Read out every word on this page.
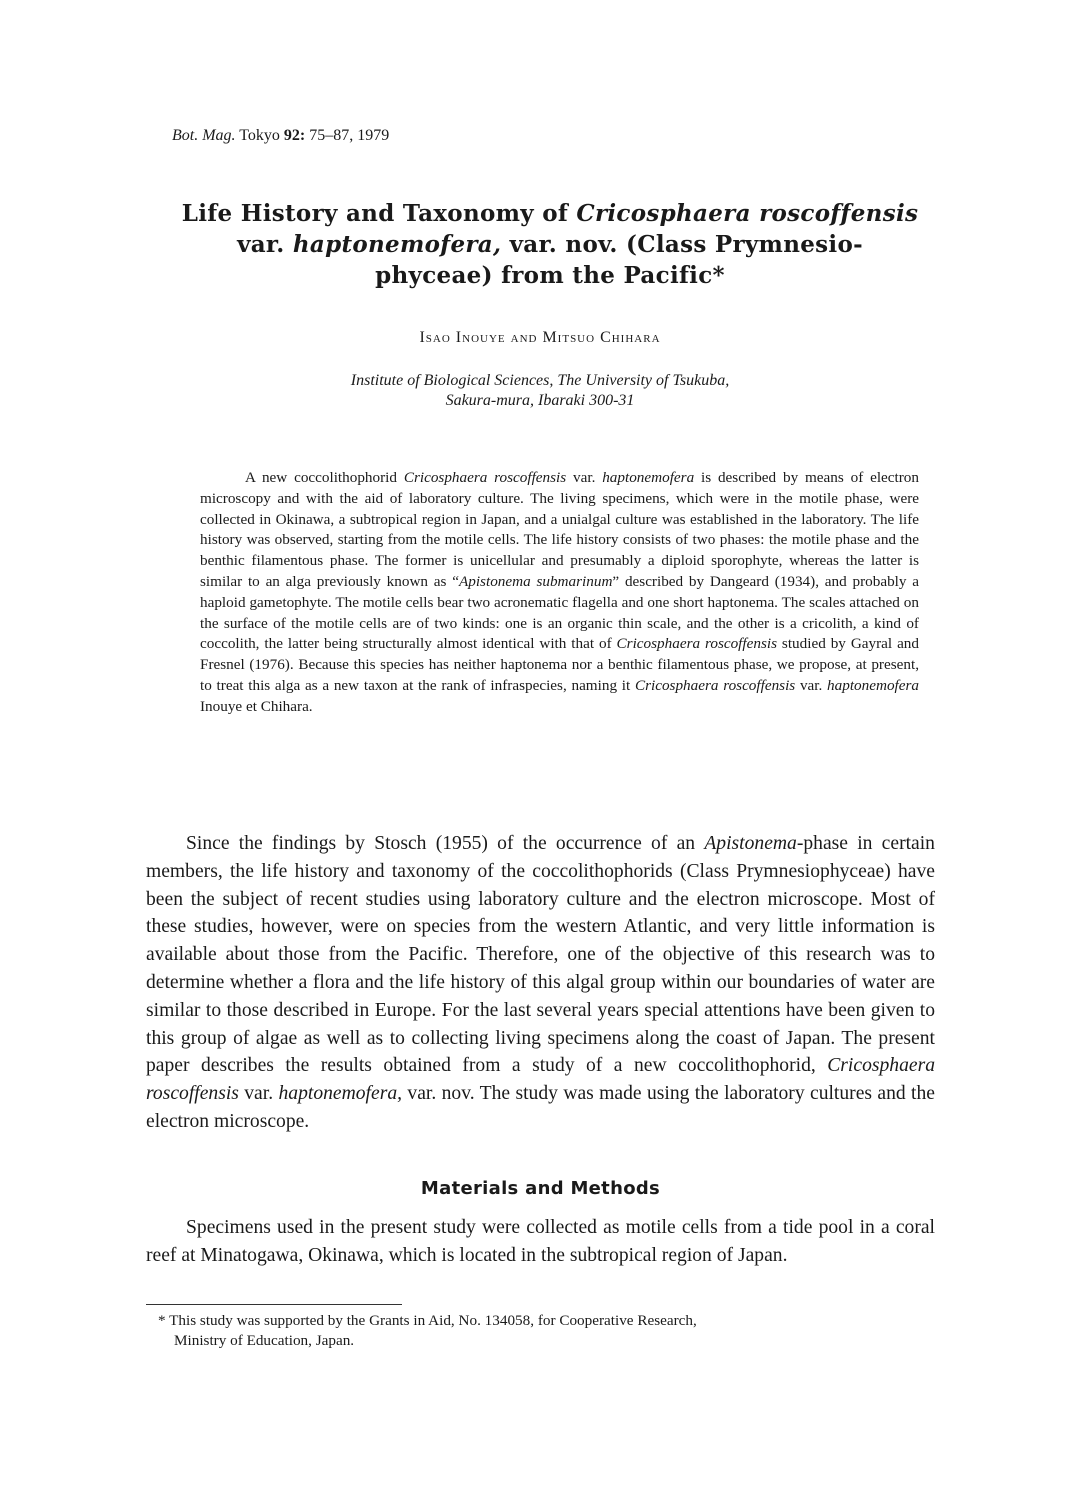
Bot. Mag. Tokyo 92: 75–87, 1979
Life History and Taxonomy of Cricosphaera roscoffensis
var. haptonemofera, var. nov. (Class Prymnesio-
phyceae) from the Pacific*
Isao Inouye and Mitsuo Chihara
Institute of Biological Sciences, The University of Tsukuba,
Sakura-mura, Ibaraki 300-31
A new coccolithophorid Cricosphaera roscoffensis var. haptonemofera is described by means of electron microscopy and with the aid of laboratory culture. The living specimens, which were in the motile phase, were collected in Okinawa, a subtropical region in Japan, and a unialgal culture was established in the laboratory. The life history was observed, starting from the motile cells. The life history consists of two phases: the motile phase and the benthic filamentous phase. The former is unicellular and presumably a diploid sporophyte, whereas the latter is similar to an alga previously known as “Apistonema submarinum” described by Dangeard (1934), and probably a haploid gametophyte. The motile cells bear two acronematic flagella and one short haptonema. The scales attached on the surface of the motile cells are of two kinds: one is an organic thin scale, and the other is a cricolith, a kind of coccolith, the latter being structurally almost identical with that of Cricosphaera roscoffensis studied by Gayral and Fresnel (1976). Because this species has neither haptonema nor a benthic filamentous phase, we propose, at present, to treat this alga as a new taxon at the rank of infraspecies, naming it Cricosphaera roscoffensis var. haptonemofera Inouye et Chihara.

Since the findings by Stosch (1955) of the occurrence of an Apistonema-phase in certain members, the life history and taxonomy of the coccolithophorids (Class Prymnesiophyceae) have been the subject of recent studies using laboratory culture and the electron microscope. Most of these studies, however, were on species from the western Atlantic, and very little information is available about those from the Pacific. Therefore, one of the objective of this research was to determine whether a flora and the life history of this algal group within our boundaries of water are similar to those described in Europe. For the last several years special attentions have been given to this group of algae as well as to collecting living specimens along the coast of Japan. The present paper describes the results obtained from a study of a new coccolithophorid, Cricosphaera roscoffensis var. haptonemofera, var. nov. The study was made using the laboratory cultures and the electron microscope.

Materials and Methods

Specimens used in the present study were collected as motile cells from a tide pool in a coral reef at Minatogawa, Okinawa, which is located in the subtropical region of Japan.

* This study was supported by the Grants in Aid, No. 134058, for Cooperative Research,
Ministry of Education, Japan.
